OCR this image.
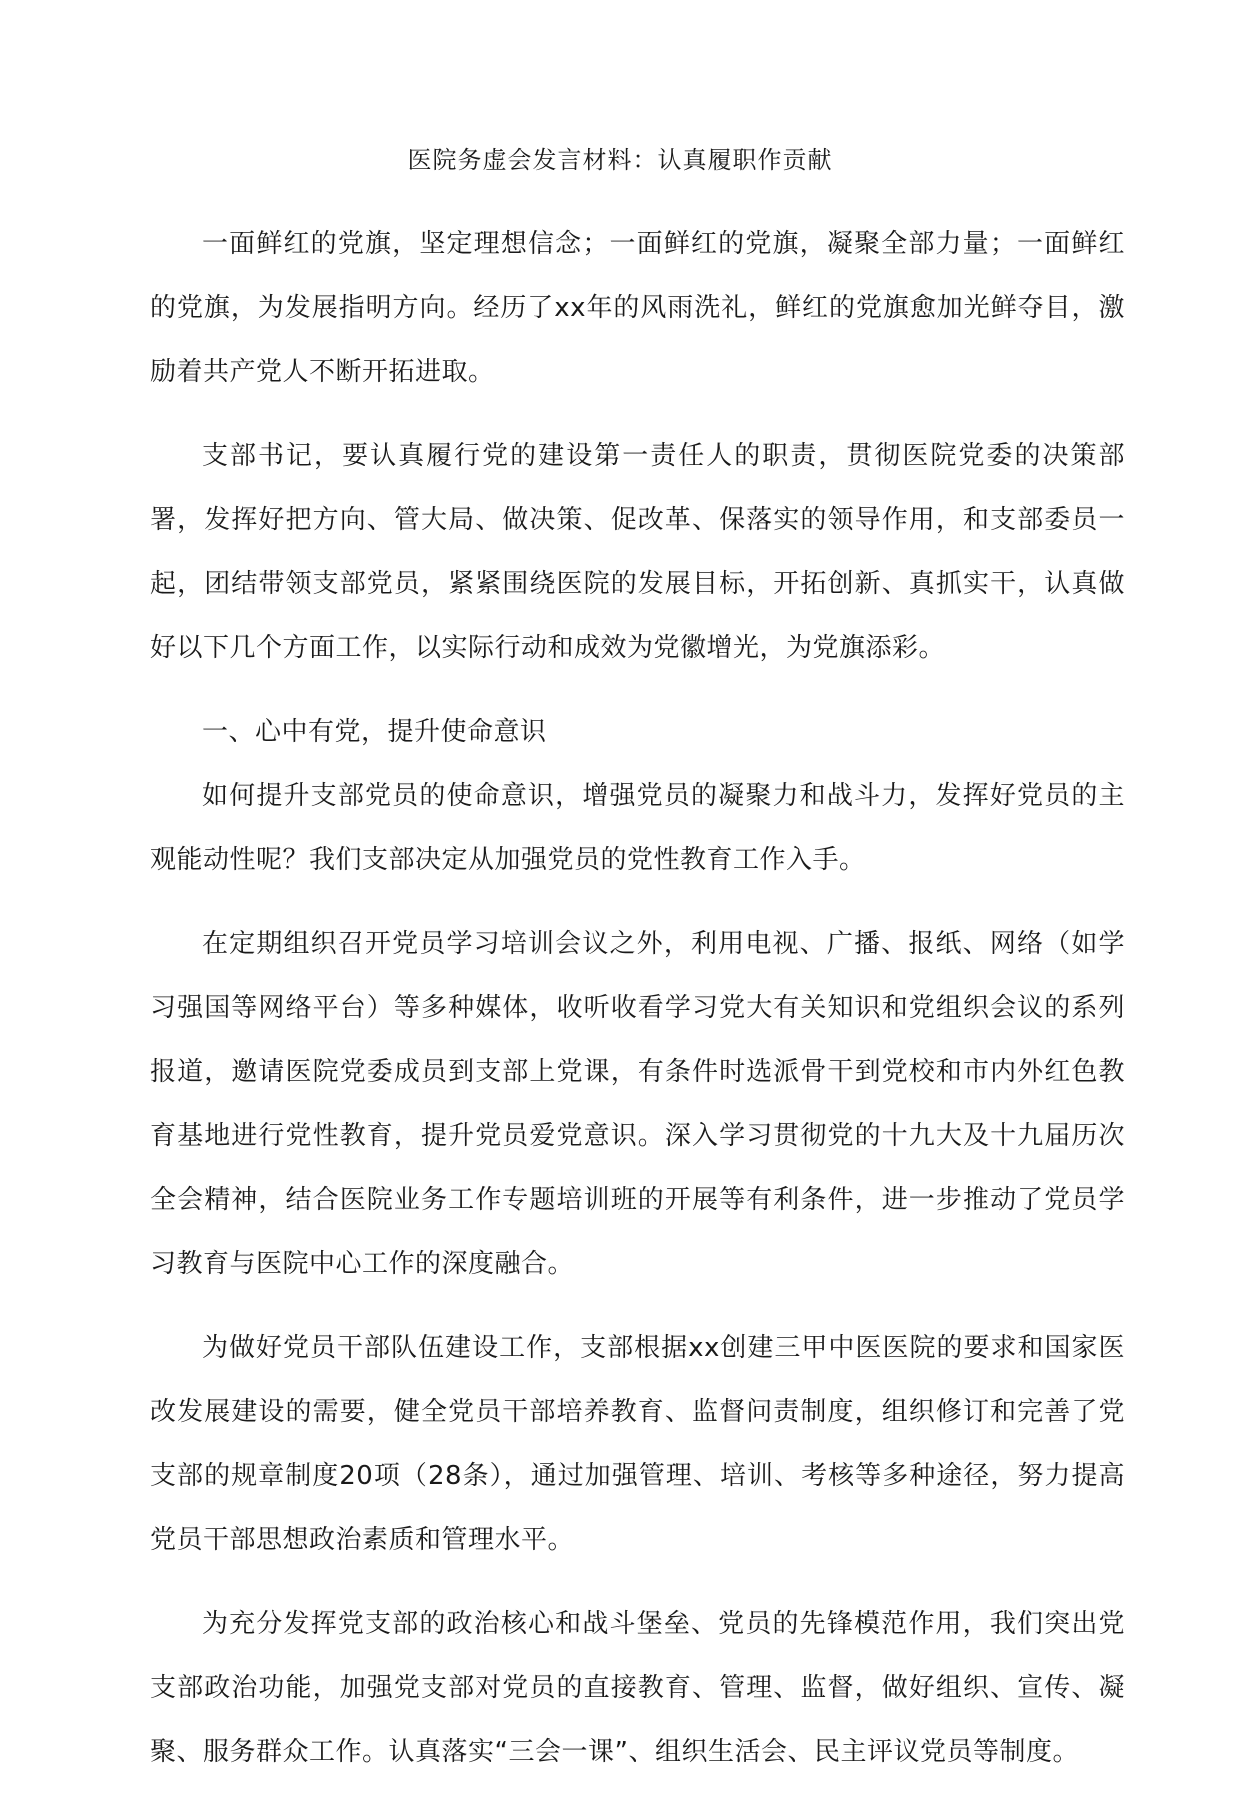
医院务虚会发言材料：认真履职作贡献

一面鲜红的党旗，坚定理想信念；一面鲜红的党旗，凝聚全部力量；一面鲜红的党旗，为发展指明方向。经历了xx年的风雨洗礼，鲜红的党旗愈加光鲜夺目，激励着共产党人不断开拓进取。

支部书记，要认真履行党的建设第一责任人的职责，贯彻医院党委的决策部署，发挥好把方向、管大局、做决策、促改革、保落实的领导作用，和支部委员一起，团结带领支部党员，紧紧围绕医院的发展目标，开拓创新、真抓实干，认真做好以下几个方面工作，以实际行动和成效为党徽增光，为党旗添彩。

一、心中有党，提升使命意识

如何提升支部党员的使命意识，增强党员的凝聚力和战斗力，发挥好党员的主观能动性呢？我们支部决定从加强党员的党性教育工作入手。

在定期组织召开党员学习培训会议之外，利用电视、广播、报纸、网络（如学习强国等网络平台）等多种媒体，收听收看学习党大有关知识和党组织会议的系列报道，邀请医院党委成员到支部上党课，有条件时选派骨干到党校和市内外红色教育基地进行党性教育，提升党员爱党意识。深入学习贯彻党的十九大及十九届历次全会精神，结合医院业务工作专题培训班的开展等有利条件，进一步推动了党员学习教育与医院中心工作的深度融合。

为做好党员干部队伍建设工作，支部根据xx创建三甲中医医院的要求和国家医改发展建设的需要，健全党员干部培养教育、监督问责制度，组织修订和完善了党支部的规章制度20项（28条），通过加强管理、培训、考核等多种途径，努力提高党员干部思想政治素质和管理水平。

为充分发挥党支部的政治核心和战斗堡垒、党员的先锋模范作用，我们突出党支部政治功能，加强党支部对党员的直接教育、管理、监督，做好组织、宣传、凝聚、服务群众工作。认真落实“三会一课”、组织生活会、民主评议党员等制度。
